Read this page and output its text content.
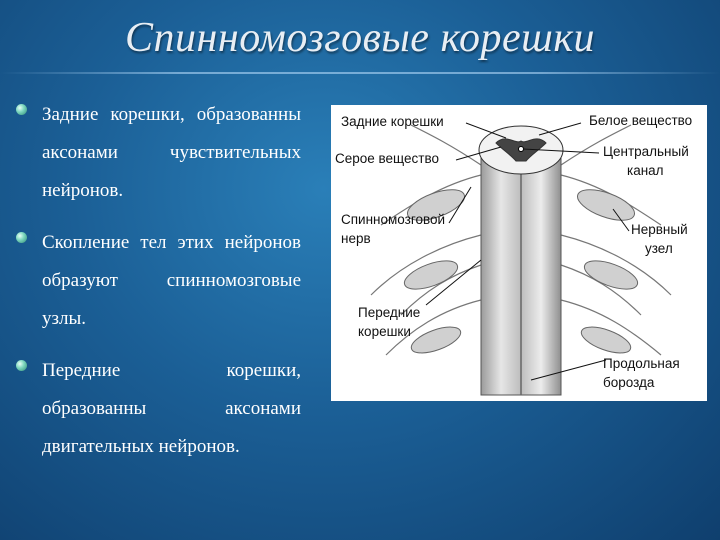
Спинномозговые корешки
Задние корешки, образованны аксонами чувствительных нейронов.
Скопление тел этих нейронов образуют спинномозговые узлы.
Передние корешки, образованны аксонами двигательных нейронов.
Задние корешки	Белое вещество
Серое вещество	Центральный
канал
Спинномозговой
нерв
Нервный
узел
Передние
корешки
Продольная
борозда
